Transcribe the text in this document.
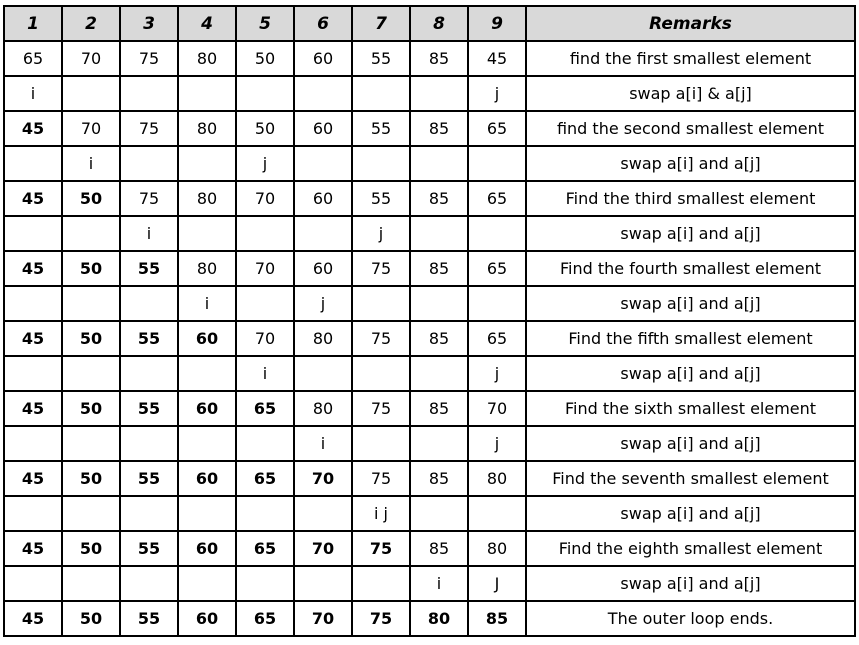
1	2	3	4	5	6	7	8	9	Remarks
65	70	75	80	50	60	55	85	45	find the first smallest element
i								j	swap a[i] & a[j]
45	70	75	80	50	60	55	85	65	find the second smallest element
	i			j					swap a[i] and a[j]
45	50	75	80	70	60	55	85	65	Find the third smallest element
		i				j			swap a[i] and a[j]
45	50	55	80	70	60	75	85	65	Find the fourth smallest element
			i		j				swap a[i] and a[j]
45	50	55	60	70	80	75	85	65	Find the fifth smallest element
				i				j	swap a[i] and a[j]
45	50	55	60	65	80	75	85	70	Find the sixth smallest element
					i			j	swap a[i] and a[j]
45	50	55	60	65	70	75	85	80	Find the seventh smallest element
						i j			swap a[i] and a[j]
45	50	55	60	65	70	75	85	80	Find the eighth smallest element
							i	J	swap a[i] and a[j]
45	50	55	60	65	70	75	80	85	The outer loop ends.
